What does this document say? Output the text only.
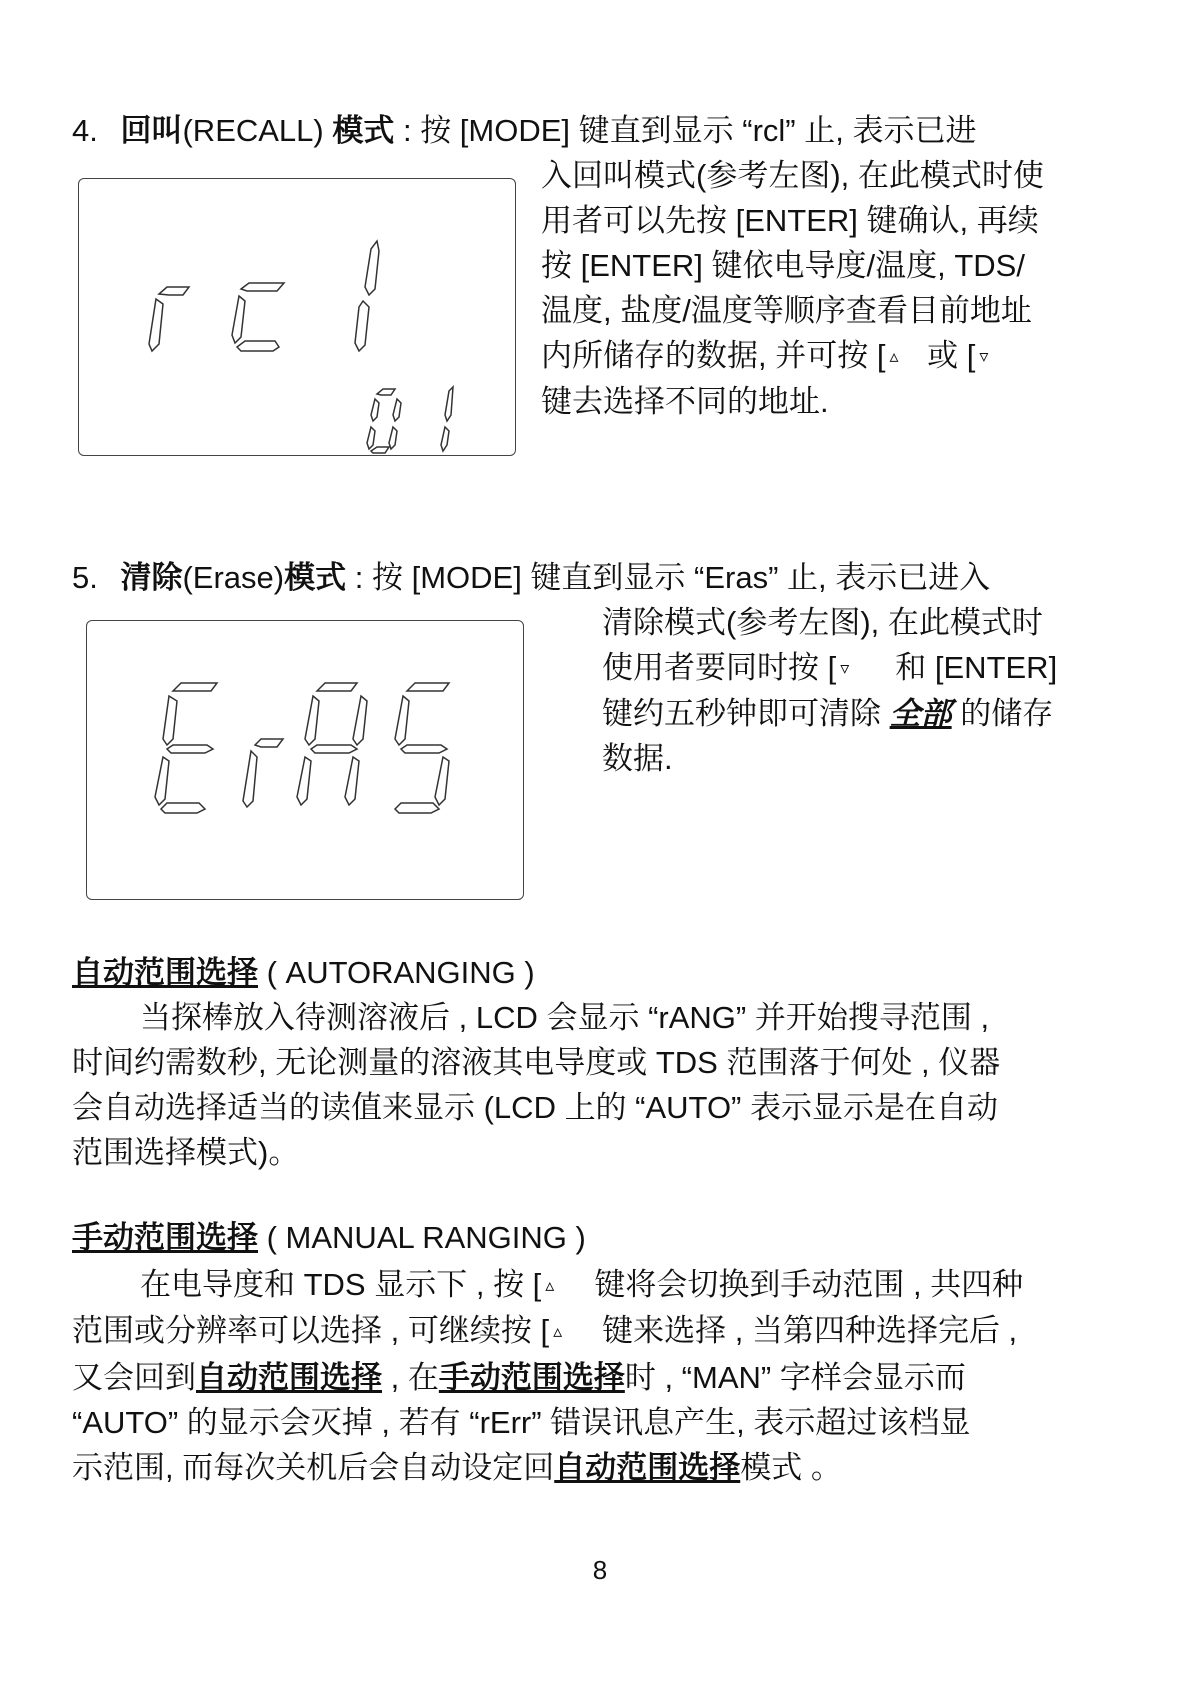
4. 回叫(RECALL) 模式 : 按 [MODE] 键直到显示 “rcl” 止, 表示已进
入回叫模式(参考左图), 在此模式时使
用者可以先按 [ENTER] 键确认, 再续
按 [ENTER] 键依电导度/温度, TDS/
温度, 盐度/温度等顺序查看目前地址
内所储存的数据, 并可按 [ ▵ 或 [ ▿
键去选择不同的地址.
5. 清除(Erase)模式 : 按 [MODE] 键直到显示 “Eras” 止, 表示已进入
清除模式(参考左图), 在此模式时
使用者要同时按 [ ▿ 和 [ENTER]
键约五秒钟即可清除 全部 的储存
数据.
自动范围选择 ( AUTORANGING )
当探棒放入待测溶液后 , LCD 会显示 “rANG” 并开始搜寻范围 ,
时间约需数秒, 无论测量的溶液其电导度或 TDS 范围落于何处 , 仪器
会自动选择适当的读值来显示 (LCD 上的 “AUTO” 表示显示是在自动
范围选择模式)。
手动范围选择 ( MANUAL RANGING )
在电导度和 TDS 显示下 , 按 [ ▵ 键将会切换到手动范围 , 共四种
范围或分辨率可以选择 , 可继续按 [ ▵ 键来选择 , 当第四种选择完后 ,
又会回到自动范围选择 , 在手动范围选择时 , “MAN” 字样会显示而
“AUTO” 的显示会灭掉 , 若有 “rErr” 错误讯息产生, 表示超过该档显
示范围, 而每次关机后会自动设定回自动范围选择模式 。
8
